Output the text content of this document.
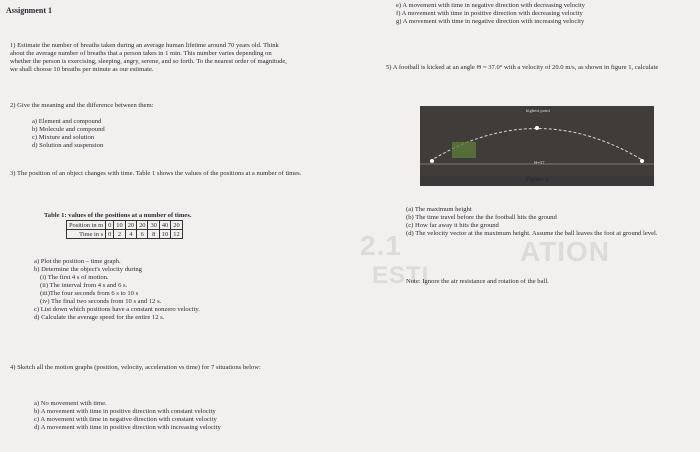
ATION
2.1
ESTI
Assignment 1
1) Estimate the number of breaths taken during an average human lifetime around 70 years old. Think about the average number of breaths that a person takes in 1 min. This number varies depending on whether the person is exercising, sleeping, angry, serene, and so forth. To the nearest order of magnitude, we shall choose 10 breaths per minute as our estimate.
2) Give the meaning and the difference between them:
a) Element and compound
b) Molecule and compound
c) Mixture and solution
d) Solution and suspension
3) The position of an object changes with time. Table 1 shows the values of the positions at a number of times.
Table 1: values of the positions at a number of times.
Position in m	0	10	20	20	30	40	20
Time in s	0	2	4	6	8	10	12
a) Plot the position – time graph.
b) Determine the object's velocity during
(i) The first 4 s of motion.
(ii) The interval from 4 s and 6 s.
(iii)The four seconds from 6 s to 10 s
(iv) The final two seconds from 10 s and 12 s.
c) List down which positions have a constant nonzero velocity.
d) Calculate the average speed for the entire 12 s.
4) Sketch all the motion graphs (position, velocity, acceleration vs time) for 7 situations below:
a) No movement with time.
b) A movement with time in positive direction with constant velocity
c) A movement with time in negative direction with constant velocity
d) A movement with time in positive direction with increasing velocity
e) A movement with time in negative direction with decreasing velocity
f) A movement with time in positive direction with decreasing velocity
g) A movement with time in negative direction with increasing velocity
5) A football is kicked at an angle Θ = 37.0° with a velocity of 20.0 m/s, as shown in figure 1, calculate
highest point
Θ=37
Figure 1
(a) The maximum height
(b) The time travel before the the football hits the ground
(c) How far away it hits the ground
(d) The velocity vector at the maximum height. Assume the ball leaves the foot at ground level.
Note: Ignore the air resistance and rotation of the ball.
